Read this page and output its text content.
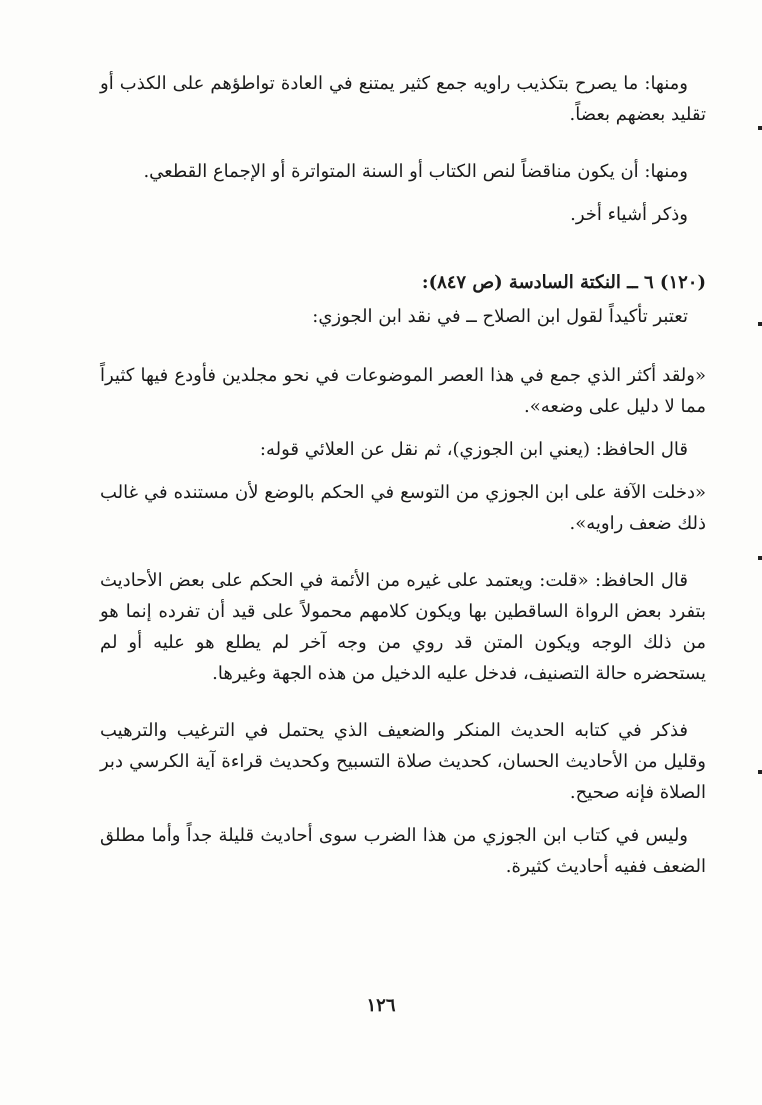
ومنها: ما يصرح بتكذيب راويه جمع كثير يمتنع في العادة تواطؤهم على الكذب أو تقليد بعضهم بعضاً.

ومنها: أن يكون مناقضاً لنص الكتاب أو السنة المتواترة أو الإجماع القطعي.

وذكر أشياء أخر.

(١٢٠) ٦ ــ النكتة السادسة (ص ٨٤٧):

تعتبر تأكيداً لقول ابن الصلاح ــ في نقد ابن الجوزي:

«ولقد أكثر الذي جمع في هذا العصر الموضوعات في نحو مجلدين فأودع فيها كثيراً مما لا دليل على وضعه».

قال الحافظ: (يعني ابن الجوزي)، ثم نقل عن العلائي قوله:

«دخلت الآفة على ابن الجوزي من التوسع في الحكم بالوضع لأن مستنده في غالب ذلك ضعف راويه».

قال الحافظ: «قلت: ويعتمد على غيره من الأئمة في الحكم على بعض الأحاديث بتفرد بعض الرواة الساقطين بها ويكون كلامهم محمولاً على قيد أن تفرده إنما هو من ذلك الوجه ويكون المتن قد روي من وجه آخر لم يطلع هو عليه أو لم يستحضره حالة التصنيف، فدخل عليه الدخيل من هذه الجهة وغيرها.

فذكر في كتابه الحديث المنكر والضعيف الذي يحتمل في الترغيب والترهيب وقليل من الأحاديث الحسان، كحديث صلاة التسبيح وكحديث قراءة آية الكرسي دبر الصلاة فإنه صحيح.

وليس في كتاب ابن الجوزي من هذا الضرب سوى أحاديث قليلة جداً وأما مطلق الضعف ففيه أحاديث كثيرة.

١٢٦
